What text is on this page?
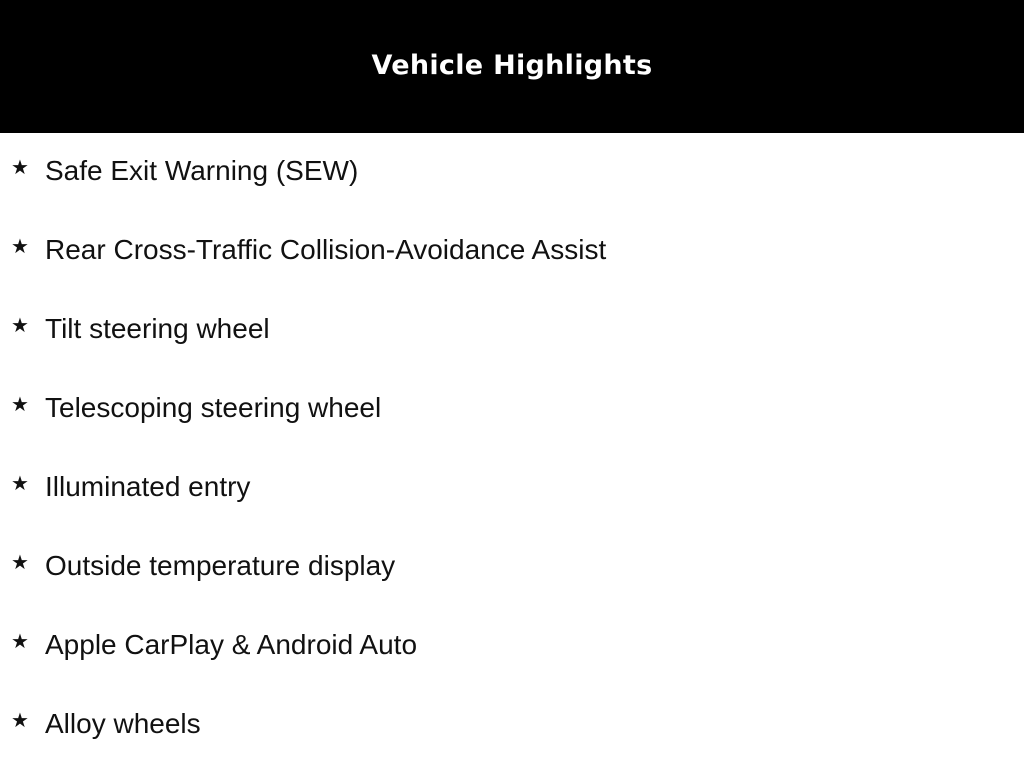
Vehicle Highlights
★ Safe Exit Warning (SEW)
★ Rear Cross-Traffic Collision-Avoidance Assist
★ Tilt steering wheel
★ Telescoping steering wheel
★ Illuminated entry
★ Outside temperature display
★ Apple CarPlay & Android Auto
★ Alloy wheels
